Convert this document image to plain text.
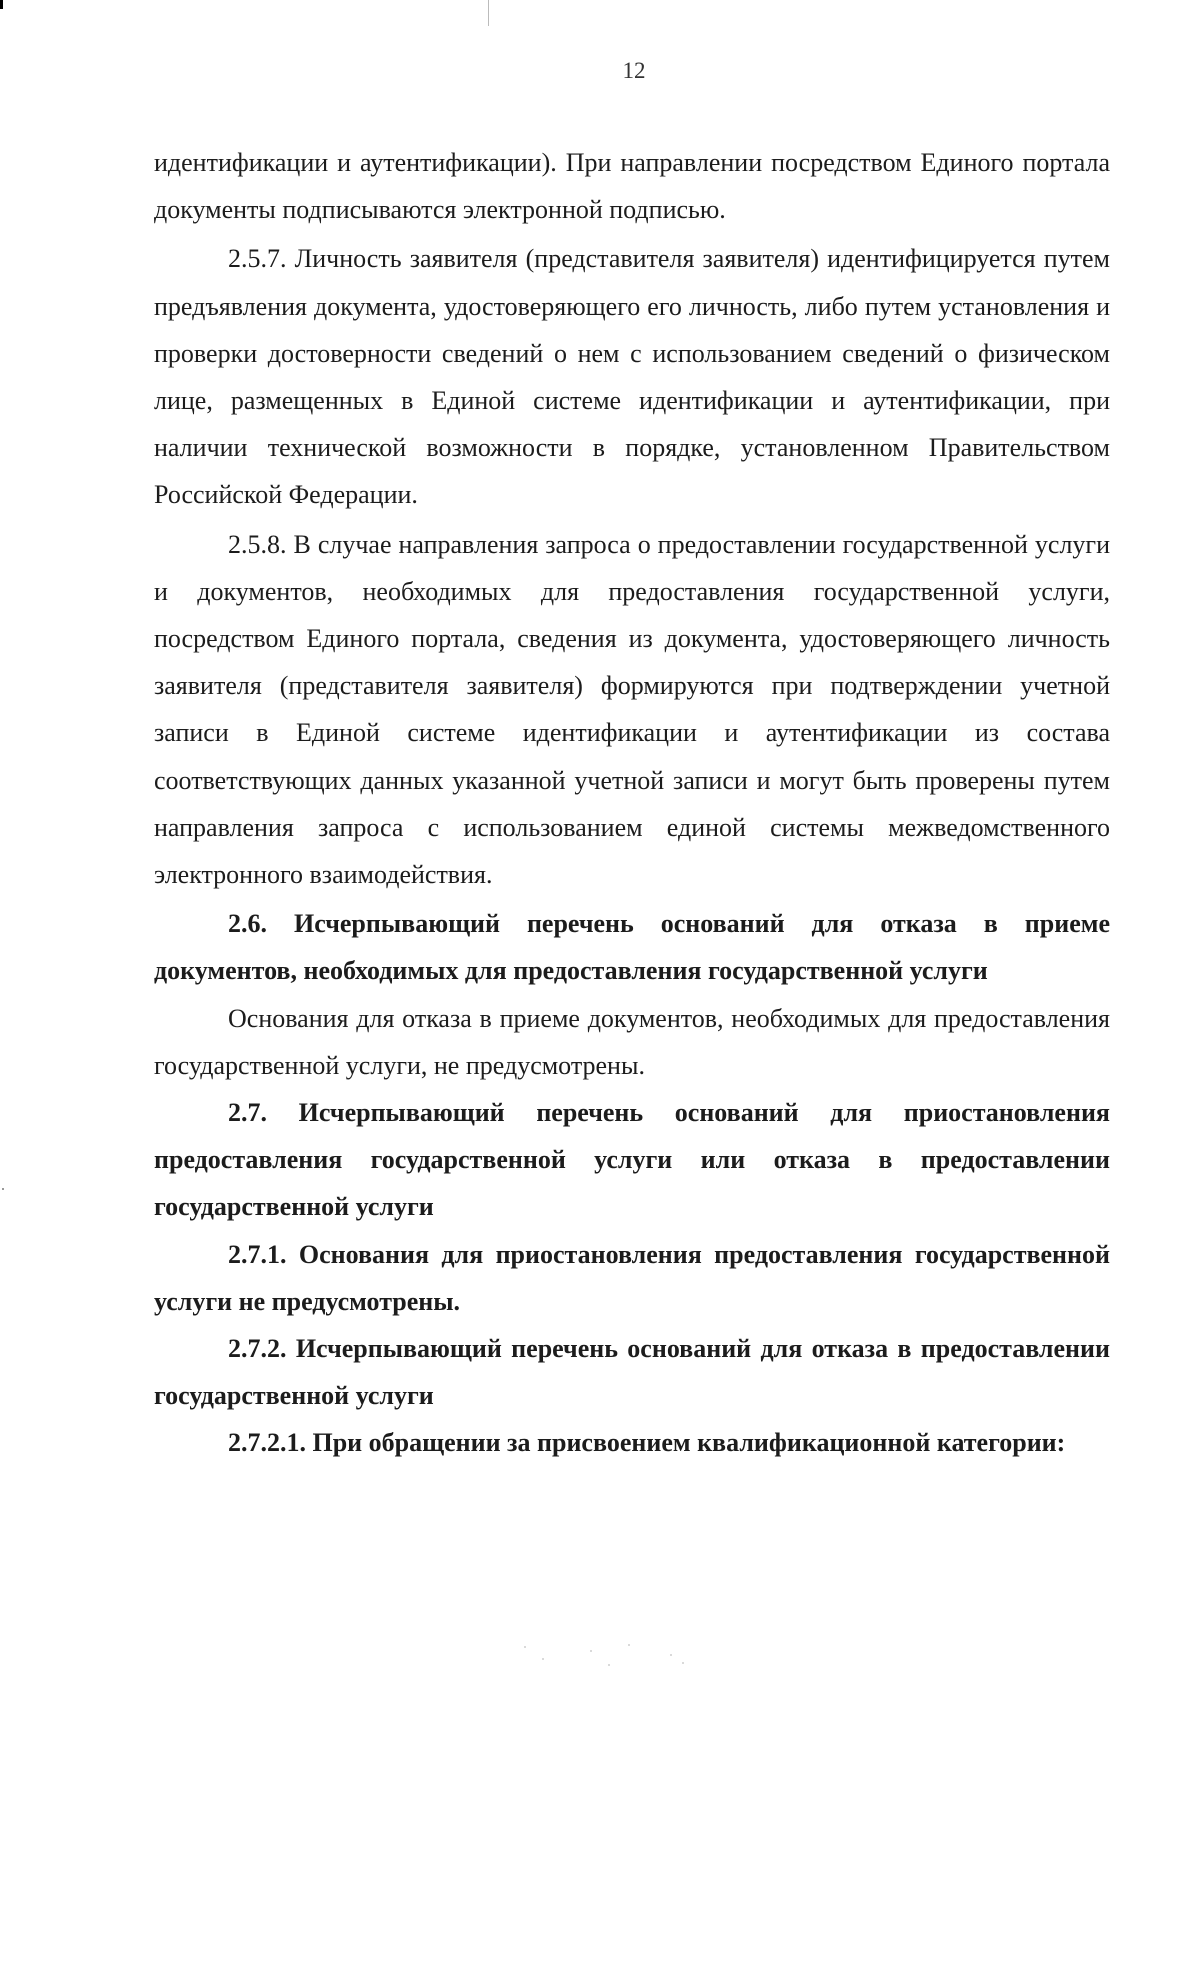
12

идентификации и аутентификации). При направлении посредством Единого портала документы подписываются электронной подписью.

2.5.7. Личность заявителя (представителя заявителя) идентифицируется путем предъявления документа, удостоверяющего его личность, либо путем установления и проверки достоверности сведений о нем с использованием сведений о физическом лице, размещенных в Единой системе идентификации и аутентификации, при наличии технической возможности в порядке, установленном Правительством Российской Федерации.

2.5.8. В случае направления запроса о предоставлении государственной услуги и документов, необходимых для предоставления государственной услуги, посредством Единого портала, сведения из документа, удостоверяющего личность заявителя (представителя заявителя) формируются при подтверждении учетной записи в Единой системе идентификации и аутентификации из состава соответствующих данных указанной учетной записи и могут быть проверены путем направления запроса с использованием единой системы межведомственного электронного взаимодействия.

2.6. Исчерпывающий перечень оснований для отказа в приеме документов, необходимых для предоставления государственной услуги

Основания для отказа в приеме документов, необходимых для предоставления государственной услуги, не предусмотрены.

2.7. Исчерпывающий перечень оснований для приостановления предоставления государственной услуги или отказа в предоставлении государственной услуги

2.7.1. Основания для приостановления предоставления государственной услуги не предусмотрены.

2.7.2. Исчерпывающий перечень оснований для отказа в предоставлении государственной услуги

2.7.2.1. При обращении за присвоением квалификационной категории:
